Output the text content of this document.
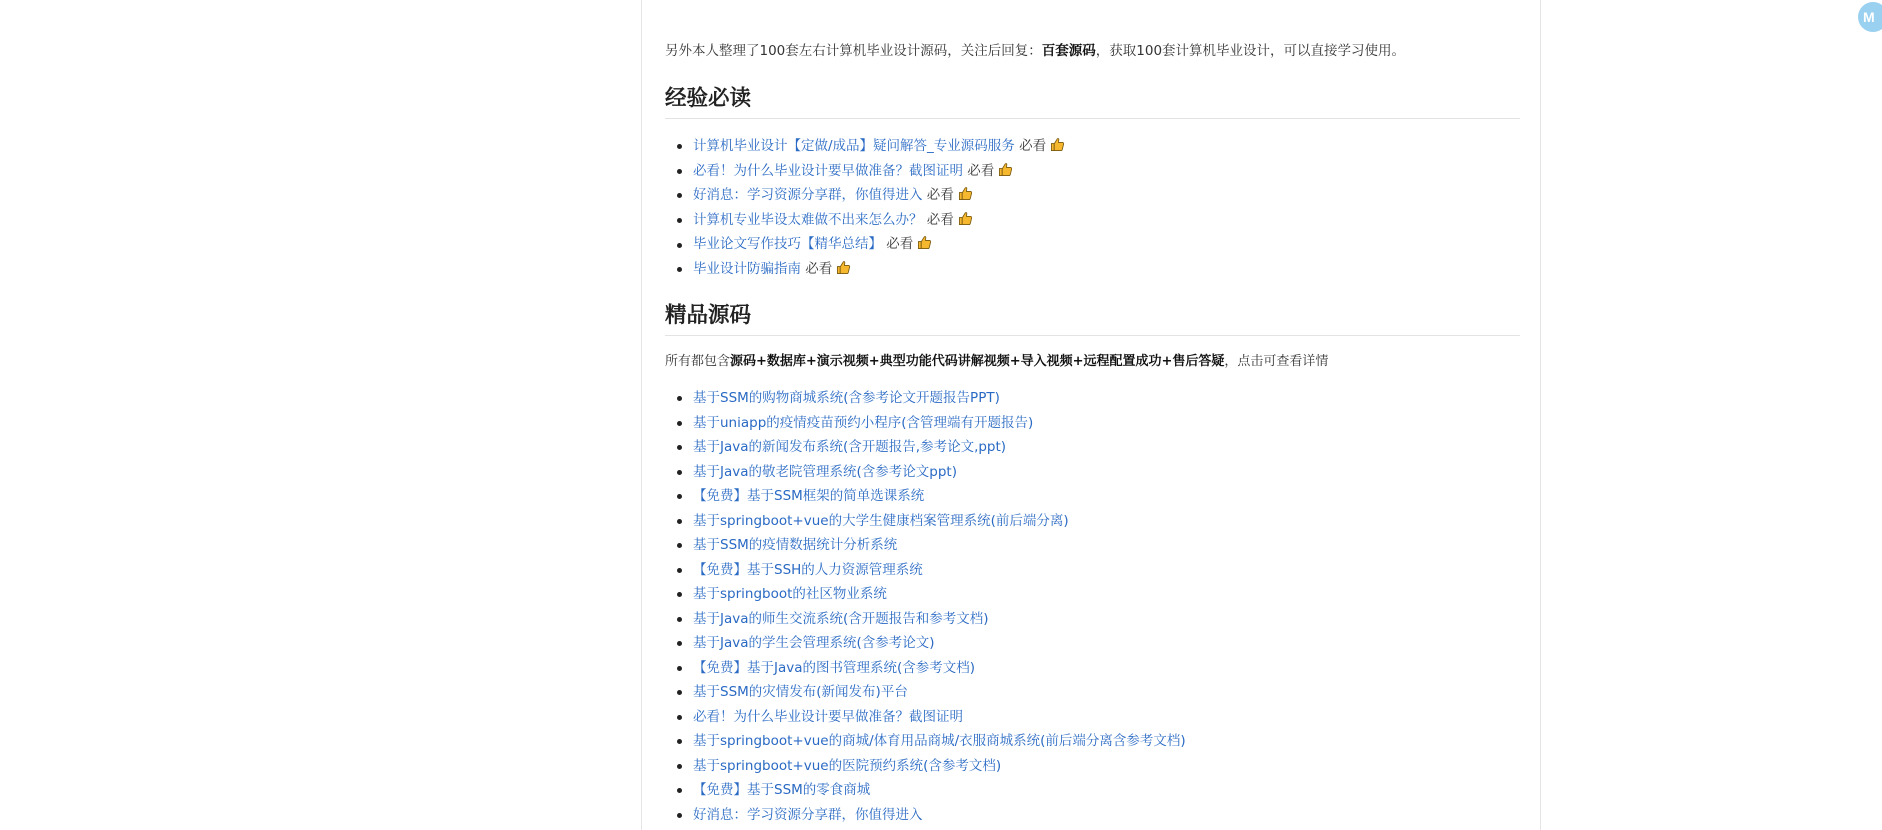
另外本人整理了100套左右计算机毕业设计源码，关注后回复：百套源码，获取100套计算机毕业设计，可以直接学习使用。

经验必读
计算机毕业设计【定做/成品】疑问解答_专业源码服务 必看
必看！为什么毕业设计要早做准备？截图证明 必看
好消息：学习资源分享群，你值得进入 必看
计算机专业毕设太难做不出来怎么办？ 必看
毕业论文写作技巧【精华总结】 必看
毕业设计防骗指南 必看
精品源码

所有都包含源码+数据库+演示视频+典型功能代码讲解视频+导入视频+远程配置成功+售后答疑，点击可查看详情

基于SSM的购物商城系统(含参考论文开题报告PPT)
基于uniapp的疫情疫苗预约小程序(含管理端有开题报告)
基于Java的新闻发布系统(含开题报告,参考论文,ppt)
基于Java的敬老院管理系统(含参考论文ppt)
【免费】基于SSM框架的简单选课系统
基于springboot+vue的大学生健康档案管理系统(前后端分离)
基于SSM的疫情数据统计分析系统
【免费】基于SSH的人力资源管理系统
基于springboot的社区物业系统
基于Java的师生交流系统(含开题报告和参考文档)
基于Java的学生会管理系统(含参考论文)
【免费】基于Java的图书管理系统(含参考文档)
基于SSM的灾情发布(新闻发布)平台
必看！为什么毕业设计要早做准备？截图证明
基于springboot+vue的商城/体育用品商城/衣服商城系统(前后端分离含参考文档)
基于springboot+vue的医院预约系统(含参考文档)
【免费】基于SSM的零食商城
好消息：学习资源分享群，你值得进入
M
